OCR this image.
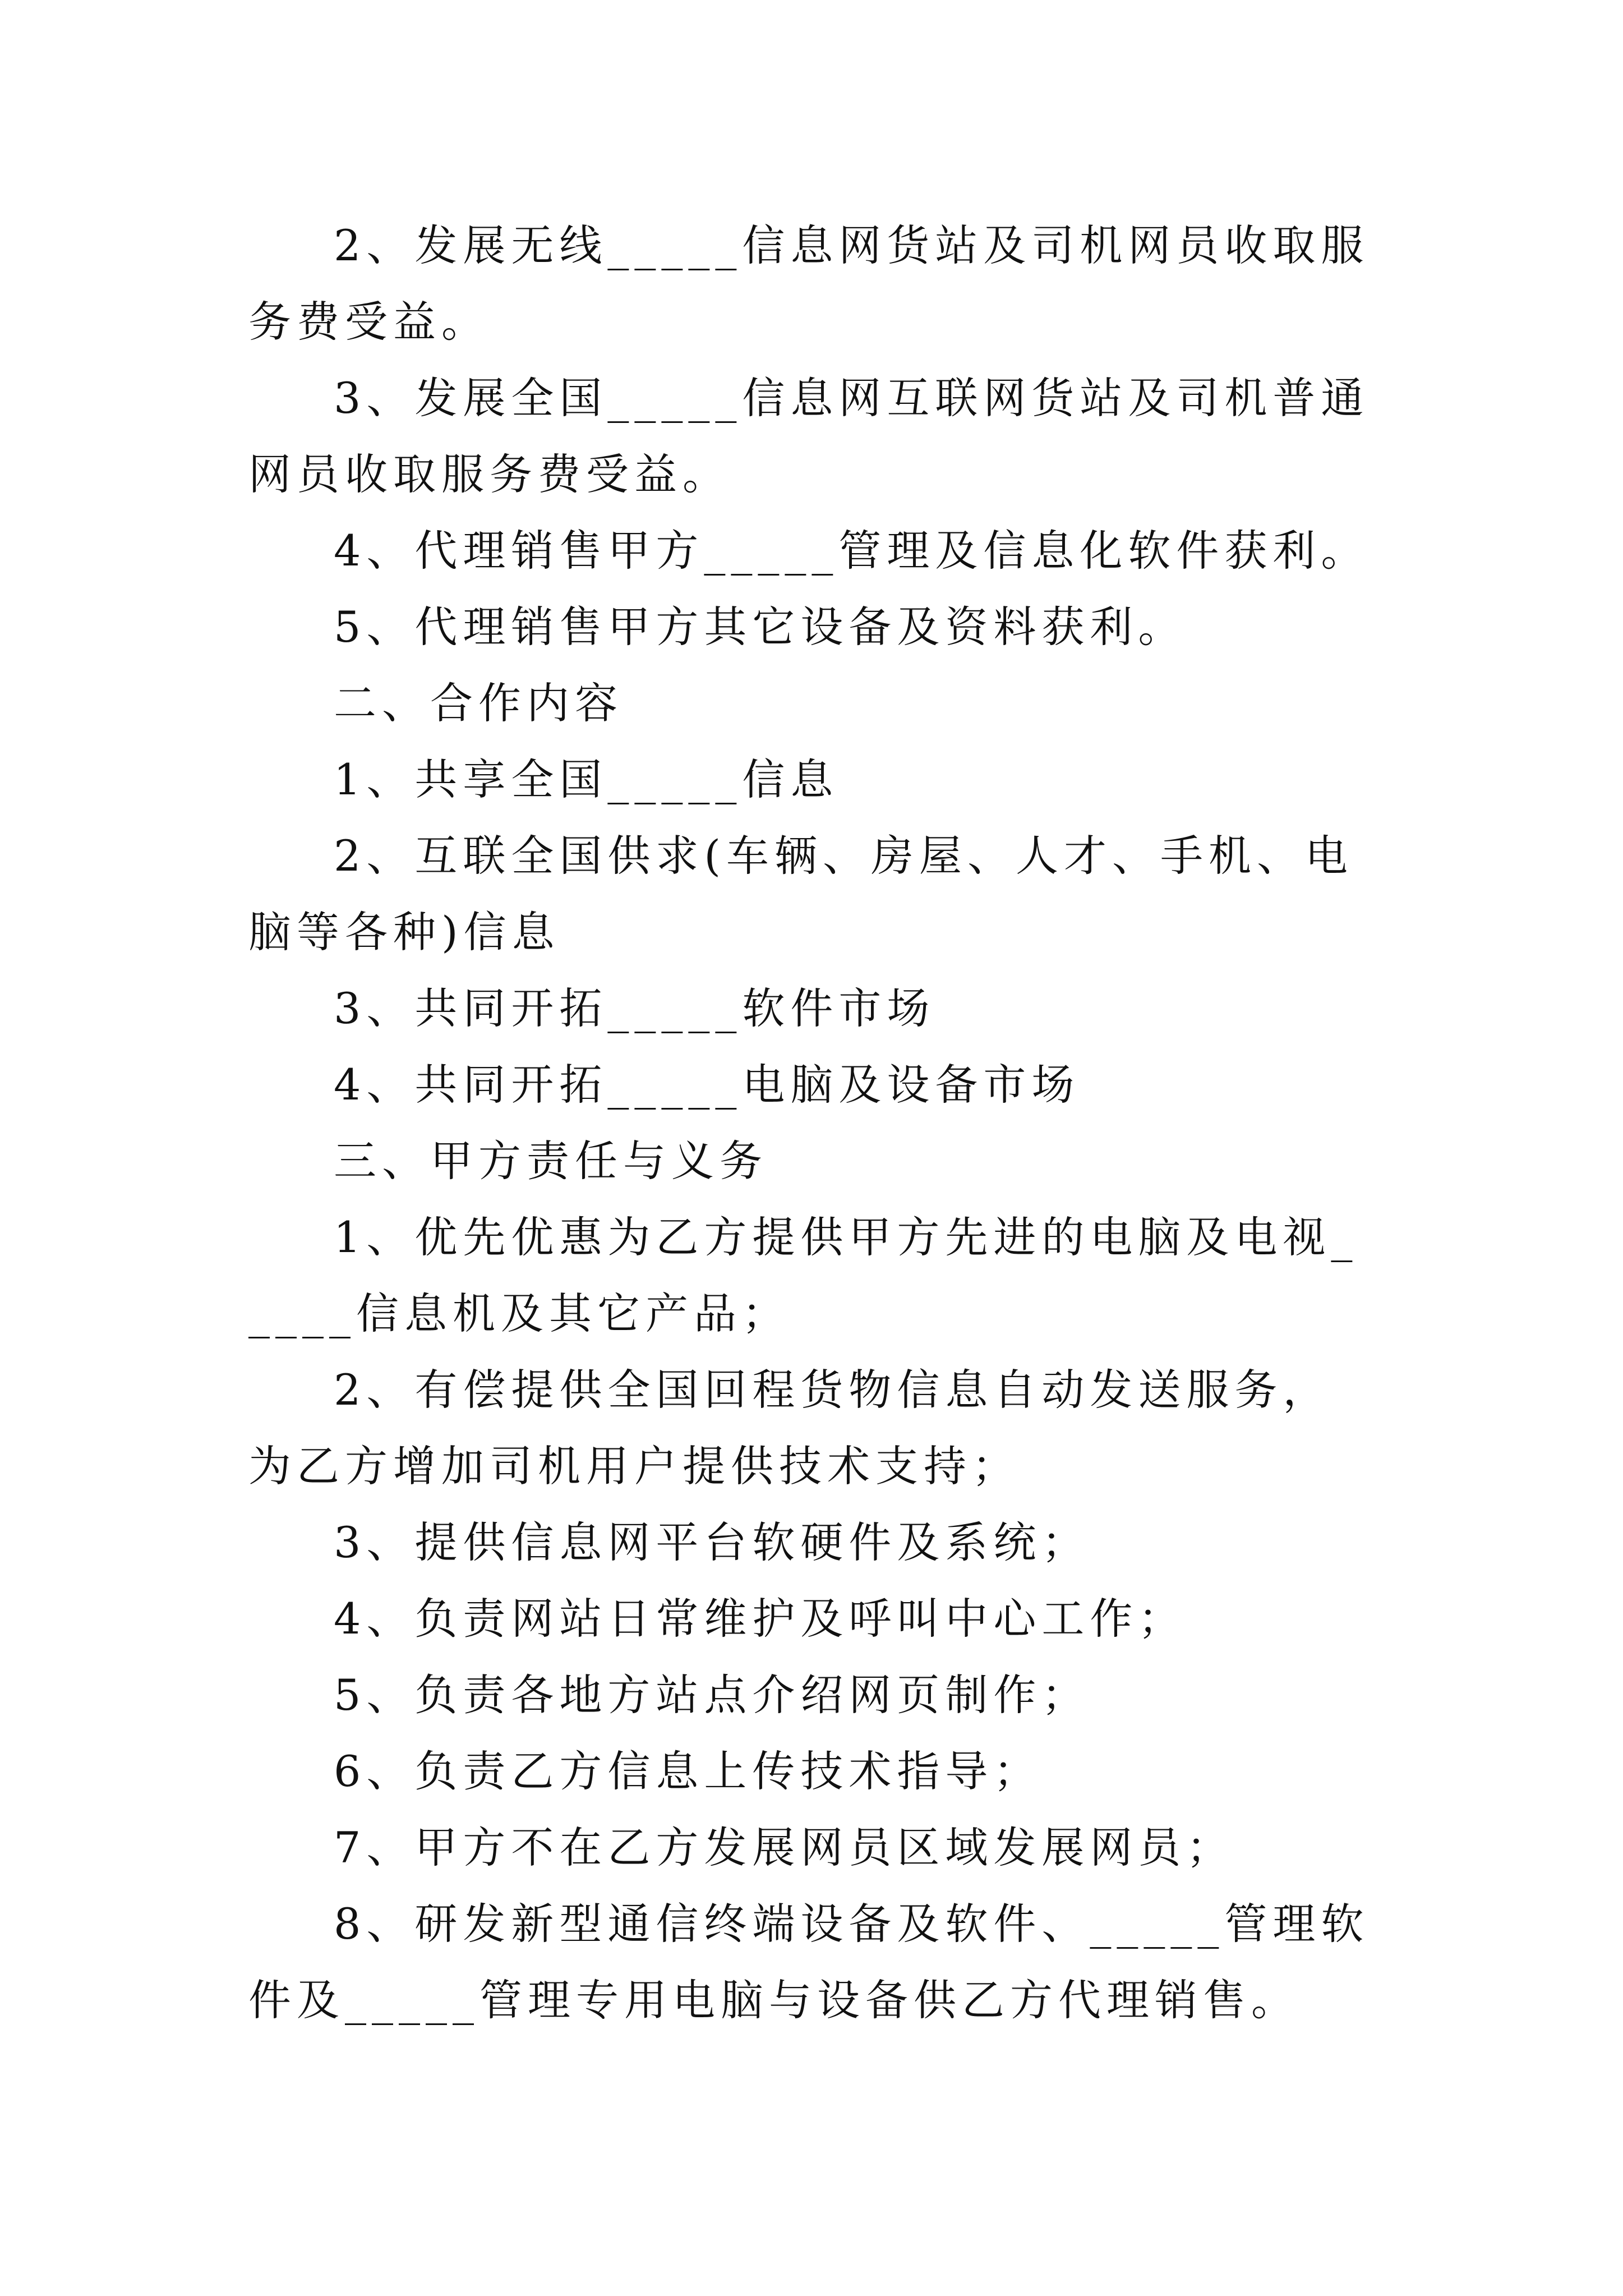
2、发展无线_____信息网货站及司机网员收取服务费受益。

3、发展全国_____信息网互联网货站及司机普通网员收取服务费受益。

4、代理销售甲方_____管理及信息化软件获利。

5、代理销售甲方其它设备及资料获利。

二、合作内容

1、共享全国_____信息

2、互联全国供求(车辆、房屋、人才、手机、电脑等各种)信息

3、共同开拓_____软件市场

4、共同开拓_____电脑及设备市场

三、甲方责任与义务

1、优先优惠为乙方提供甲方先进的电脑及电视_____信息机及其它产品；

2、有偿提供全国回程货物信息自动发送服务，为乙方增加司机用户提供技术支持；

3、提供信息网平台软硬件及系统；

4、负责网站日常维护及呼叫中心工作；

5、负责各地方站点介绍网页制作；

6、负责乙方信息上传技术指导；

7、甲方不在乙方发展网员区域发展网员；

8、研发新型通信终端设备及软件、_____管理软件及_____管理专用电脑与设备供乙方代理销售。
